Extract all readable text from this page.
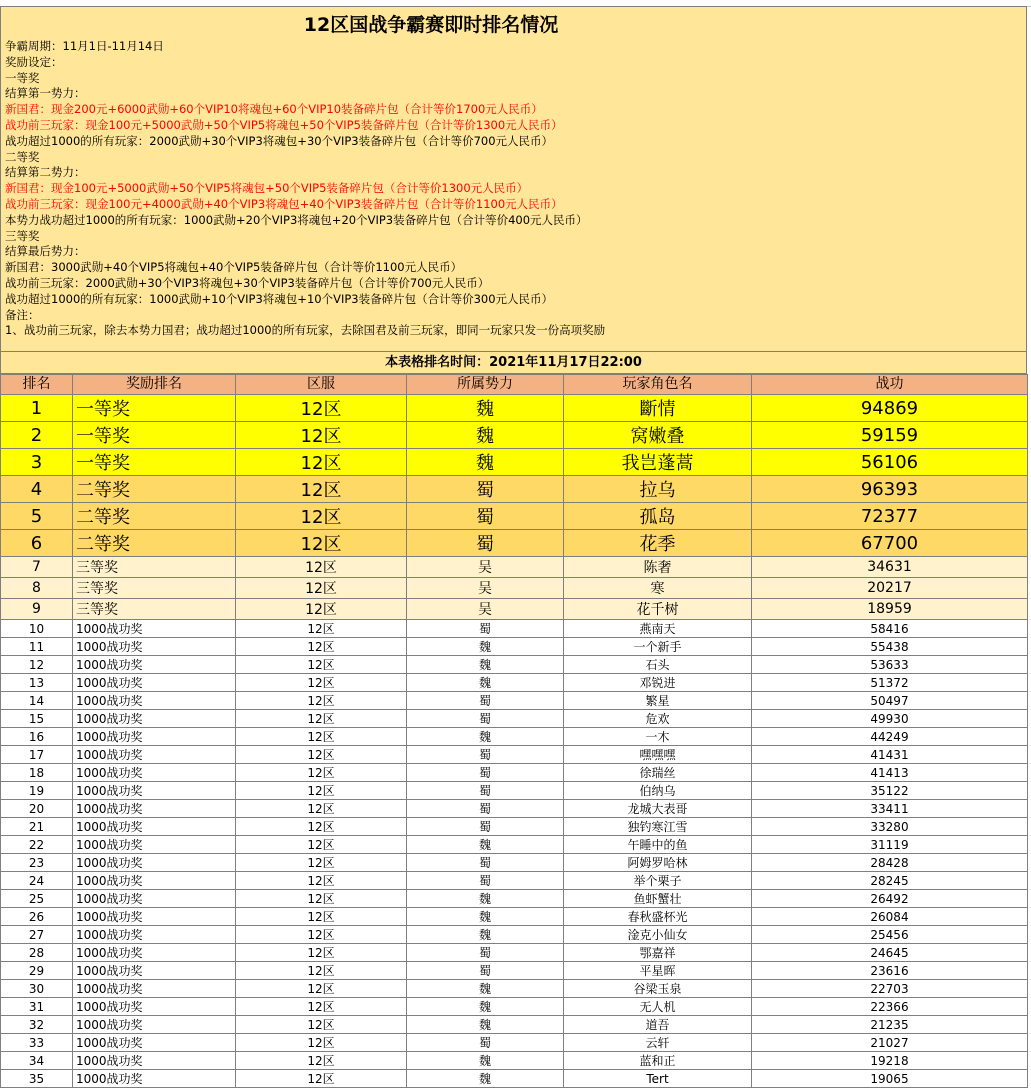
12区国战争霸赛即时排名情况
争霸周期：11月1日-11月14日
奖励设定：
一等奖
结算第一势力：
新国君：现金200元+6000武勋+60个VIP10将魂包+60个VIP10装备碎片包（合计等价1700元人民币）
战功前三玩家：现金100元+5000武勋+50个VIP5将魂包+50个VIP5装备碎片包（合计等价1300元人民币）
战功超过1000的所有玩家：2000武勋+30个VIP3将魂包+30个VIP3装备碎片包（合计等价700元人民币）
二等奖
结算第二势力：
新国君：现金100元+5000武勋+50个VIP5将魂包+50个VIP5装备碎片包（合计等价1300元人民币）
战功前三玩家：现金100元+4000武勋+40个VIP3将魂包+40个VIP3装备碎片包（合计等价1100元人民币）
本势力战功超过1000的所有玩家：1000武勋+20个VIP3将魂包+20个VIP3装备碎片包（合计等价400元人民币）
三等奖
结算最后势力：
新国君：3000武勋+40个VIP5将魂包+40个VIP5装备碎片包（合计等价1100元人民币）
战功前三玩家：2000武勋+30个VIP3将魂包+30个VIP3装备碎片包（合计等价700元人民币）
战功超过1000的所有玩家：1000武勋+10个VIP3将魂包+10个VIP3装备碎片包（合计等价300元人民币）
备注：
1、战功前三玩家，除去本势力国君；战功超过1000的所有玩家，去除国君及前三玩家，即同一玩家只发一份高项奖励
本表格排名时间：2021年11月17日22:00
排名	奖励排名	区服	所属势力	玩家角色名	战功
1	一等奖	12区	魏	斷情	94869
2	一等奖	12区	魏	窝嫩叠	59159
3	一等奖	12区	魏	我岂蓬蒿	56106
4	二等奖	12区	蜀	拉乌	96393
5	二等奖	12区	蜀	孤岛	72377
6	二等奖	12区	蜀	花季	67700
7	三等奖	12区	吴	陈奢	34631
8	三等奖	12区	吴	寒	20217
9	三等奖	12区	吴	花千树	18959
10	1000战功奖	12区	蜀	燕南天	58416
11	1000战功奖	12区	魏	一个新手	55438
12	1000战功奖	12区	魏	石头	53633
13	1000战功奖	12区	魏	邓锐进	51372
14	1000战功奖	12区	蜀	繁星	50497
15	1000战功奖	12区	蜀	危欢	49930
16	1000战功奖	12区	魏	一木	44249
17	1000战功奖	12区	蜀	嘿嘿嘿	41431
18	1000战功奖	12区	蜀	徐瑞丝	41413
19	1000战功奖	12区	蜀	伯纳乌	35122
20	1000战功奖	12区	蜀	龙城大表哥	33411
21	1000战功奖	12区	蜀	独钓寒江雪	33280
22	1000战功奖	12区	魏	午睡中的鱼	31119
23	1000战功奖	12区	蜀	阿姆罗哈林	28428
24	1000战功奖	12区	蜀	举个栗子	28245
25	1000战功奖	12区	魏	鱼虾蟹壮	26492
26	1000战功奖	12区	魏	春秋盛杯光	26084
27	1000战功奖	12区	魏	淦克小仙女	25456
28	1000战功奖	12区	蜀	鄂嘉祥	24645
29	1000战功奖	12区	蜀	平星晖	23616
30	1000战功奖	12区	魏	谷梁玉泉	22703
31	1000战功奖	12区	魏	无人机	22366
32	1000战功奖	12区	魏	道吾	21235
33	1000战功奖	12区	蜀	云轩	21027
34	1000战功奖	12区	魏	蓝和正	19218
35	1000战功奖	12区	魏	Tert	19065
